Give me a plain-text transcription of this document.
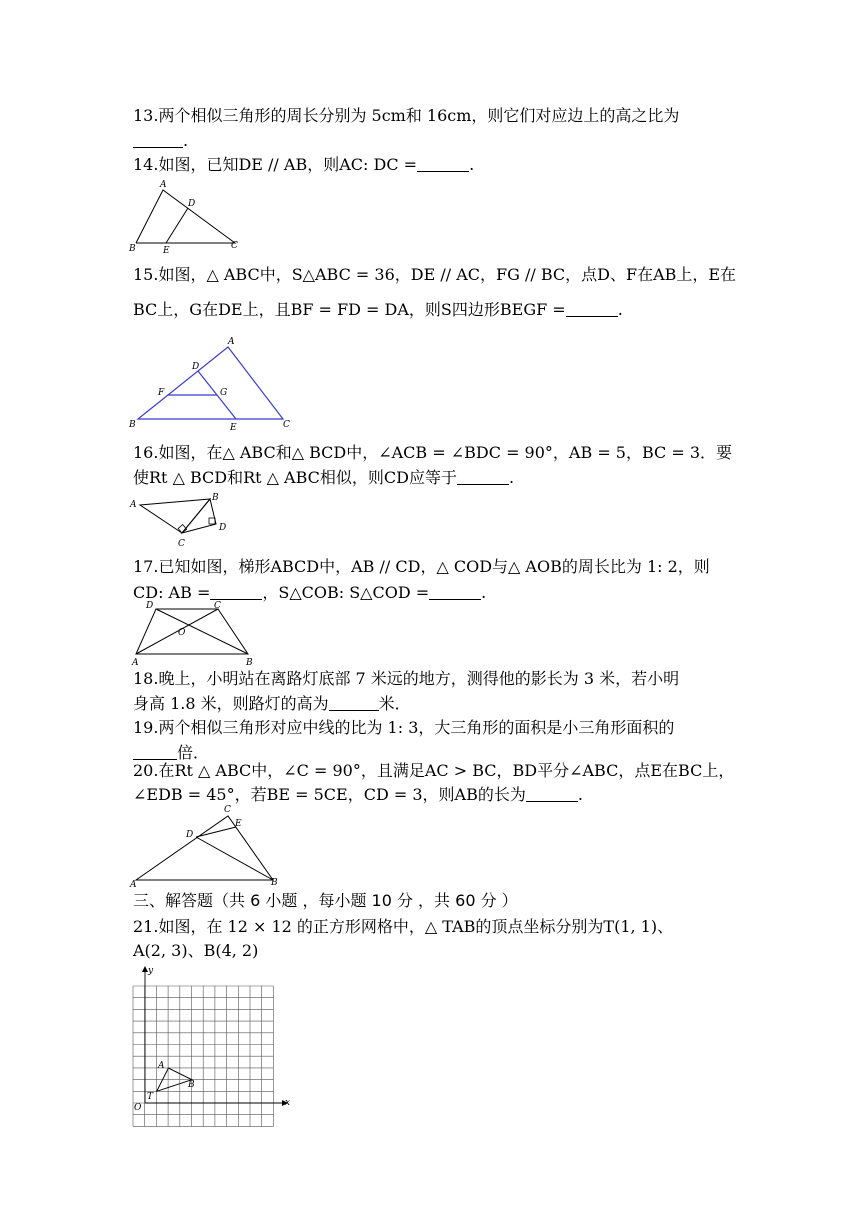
13.两个相似三角形的周长分别为 5cm和 16cm，则它们对应边上的高之比为
.
14.如图，已知DE // AB，则AC: DC =	.
A
B	C
D
E
15.如图，△ ABC中，S△ABC = 36，DE // AC，FG // BC，点D、F在AB上，E在
BC上，G在DE上，且BF = FD = DA，则S四边形BEGF =	.
A
B	C
D
E
F	G
16.如图，在△ ABC和△ BCD中，∠ACB = ∠BDC = 90°，AB = 5，BC = 3．要
使Rt △ BCD和Rt △ ABC相似，则CD应等于	.
A
B
C
D
17.已知如图，梯形ABCD中，AB // CD，△ COD与△ AOB的周长比为 1: 2，则
CD: AB =	，S△COB: S△COD =	.
A	B
C
D
O
18.晚上，小明站在离路灯底部 7 米远的地方，测得他的影长为 3 米，若小明
身高 1.8 米，则路灯的高为	米．
19.两个相似三角形对应中线的比为 1: 3，大三角形的面积是小三角形面积的
倍．
20.在Rt △ ABC中，∠C = 90°，且满足AC > BC，BD平分∠ABC，点E在BC上，
∠EDB = 45°，若BE = 5CE，CD = 3，则AB的长为	.
A	B
C
D
E
三、解答题（共 6 小题 ，每小题 10 分 ，共 60 分 ）
21.如图，在 12 × 12 的正方形网格中，△ TAB的顶点坐标分别为T(1, 1)、
A(2, 3)、B(4, 2)
y
x
O
T
A
B
